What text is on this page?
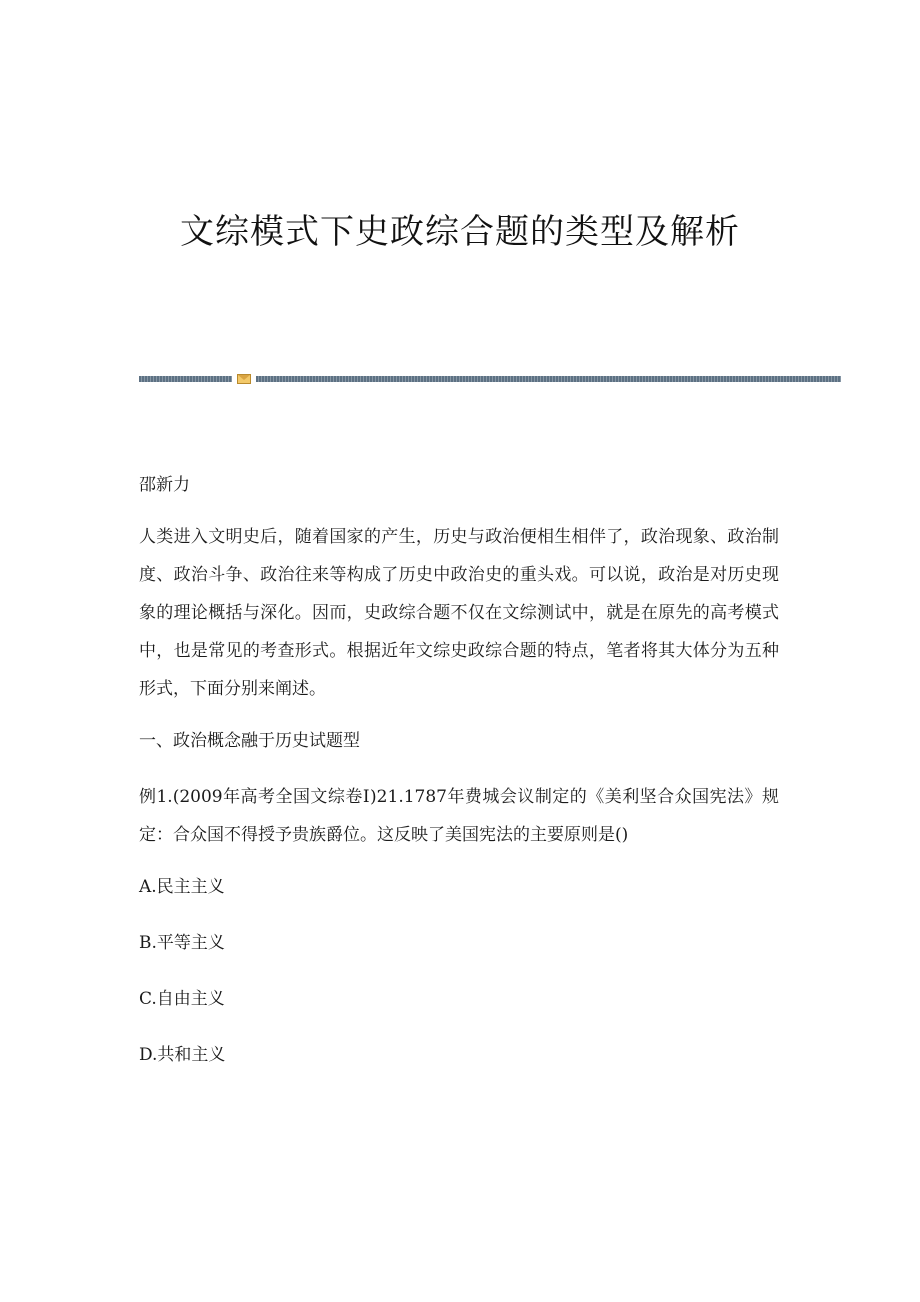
文综模式下史政综合题的类型及解析

邵新力

人类进入文明史后，随着国家的产生，历史与政治便相生相伴了，政治现象、政治制度、政治斗争、政治往来等构成了历史中政治史的重头戏。可以说，政治是对历史现象的理论概括与深化。因而，史政综合题不仅在文综测试中，就是在原先的高考模式中，也是常见的考查形式。根据近年文综史政综合题的特点，笔者将其大体分为五种形式，下面分别来阐述。

一、政治概念融于历史试题型

例1.(2009年高考全国文综卷Ⅰ)21.1787年费城会议制定的《美利坚合众国宪法》规定：合众国不得授予贵族爵位。这反映了美国宪法的主要原则是()

A.民主主义

B.平等主义

C.自由主义

D.共和主义
